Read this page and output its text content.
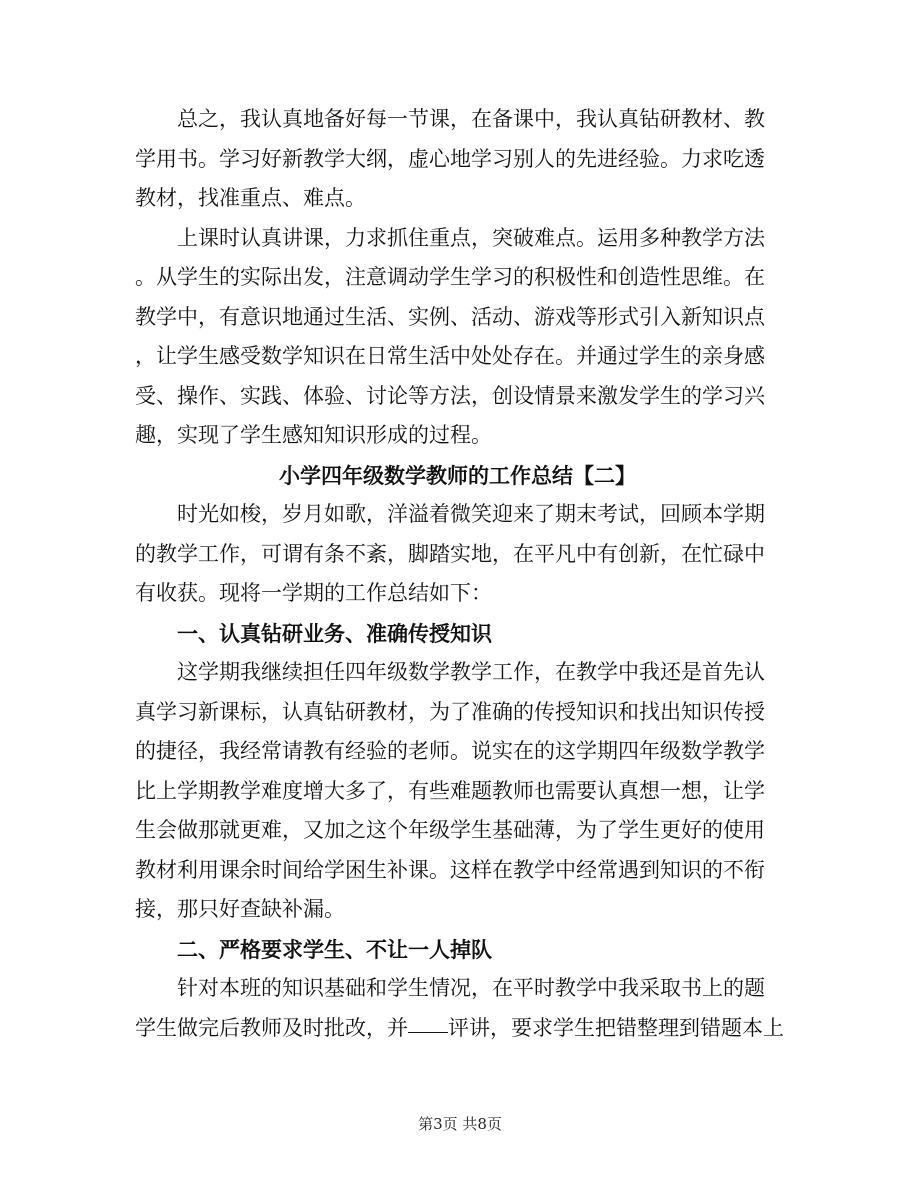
　　总之，我认真地备好每一节课，在备课中，我认真钻研教材、教
学用书。学习好新教学大纲，虚心地学习别人的先进经验。力求吃透
教材，找准重点、难点。

　　上课时认真讲课，力求抓住重点，突破难点。运用多种教学方法
。从学生的实际出发，注意调动学生学习的积极性和创造性思维。在
教学中，有意识地通过生活、实例、活动、游戏等形式引入新知识点
，让学生感受数学知识在日常生活中处处存在。并通过学生的亲身感
受、操作、实践、体验、讨论等方法，创设情景来激发学生的学习兴
趣，实现了学生感知知识形成的过程。

小学四年级数学教师的工作总结【二】

　　时光如梭，岁月如歌，洋溢着微笑迎来了期末考试，回顾本学期
的教学工作，可谓有条不紊，脚踏实地，在平凡中有创新，在忙碌中
有收获。现将一学期的工作总结如下：

一、认真钻研业务、准确传授知识

　　这学期我继续担任四年级数学教学工作，在教学中我还是首先认
真学习新课标，认真钻研教材，为了准确的传授知识和找出知识传授
的捷径，我经常请教有经验的老师。说实在的这学期四年级数学教学
比上学期教学难度增大多了，有些难题教师也需要认真想一想，让学
生会做那就更难，又加之这个年级学生基础薄，为了学生更好的使用
教材利用课余时间给学困生补课。这样在教学中经常遇到知识的不衔
接，那只好查缺补漏。

二、严格要求学生、不让一人掉队

　　针对本班的知识基础和学生情况，在平时教学中我采取书上的题
学生做完后教师及时批改，并 评讲，要求学生把错整理到错题本上

第3页 共8页
